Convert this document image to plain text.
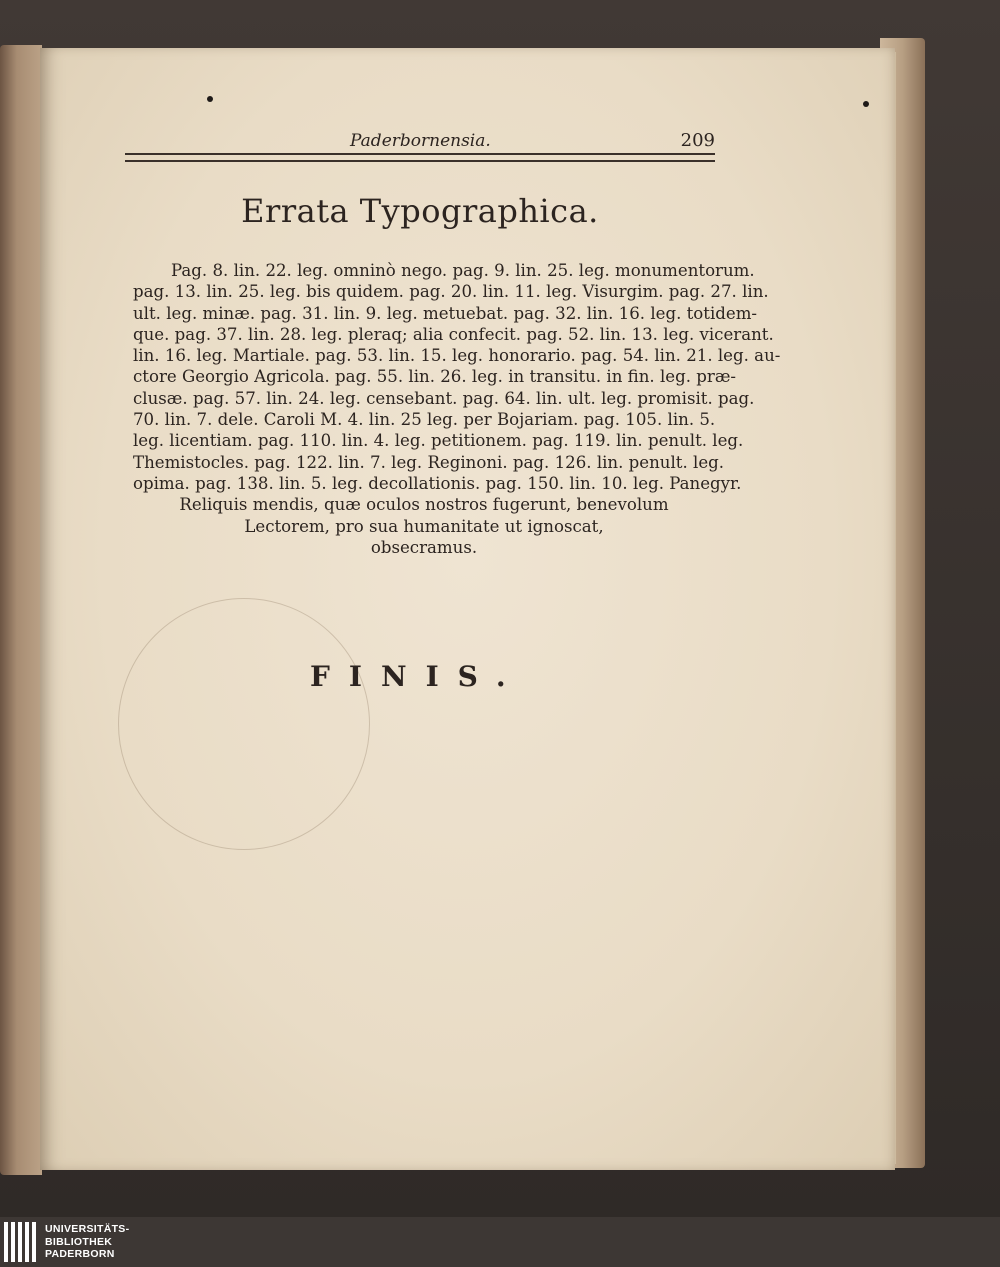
Paderbornensia.	209
Errata Typographica.
Pag. 8. lin. 22. leg. omninò nego. pag. 9. lin. 25. leg. monumentorum.
pag. 13. lin. 25. leg. bis quidem. pag. 20. lin. 11. leg. Visurgim. pag. 27. lin.
ult. leg. minæ. pag. 31. lin. 9. leg. metuebat. pag. 32. lin. 16. leg. totidem-
que. pag. 37. lin. 28. leg. pleraq; alia confecit. pag. 52. lin. 13. leg. vicerant.
lin. 16. leg. Martiale. pag. 53. lin. 15. leg. honorario. pag. 54. lin. 21. leg. au-
ctore Georgio Agricola. pag. 55. lin. 26. leg. in transitu. in fin. leg. præ-
clusæ. pag. 57. lin. 24. leg. censebant. pag. 64. lin. ult. leg. promisit. pag.
70. lin. 7. dele. Caroli M. 4. lin. 25 leg. per Bojariam. pag. 105. lin. 5.
leg. licentiam. pag. 110. lin. 4. leg. petitionem. pag. 119. lin. penult. leg.
Themistocles. pag. 122. lin. 7. leg. Reginoni. pag. 126. lin. penult. leg.
opima. pag. 138. lin. 5. leg. decollationis. pag. 150. lin. 10. leg. Panegyr.
Reliquis mendis, quæ oculos nostros fugerunt, benevolum
Lectorem, pro sua humanitate ut ignoscat,
obsecramus.
FINIS.
UNIVERSITÄTS-
BIBLIOTHEK
PADERBORN
